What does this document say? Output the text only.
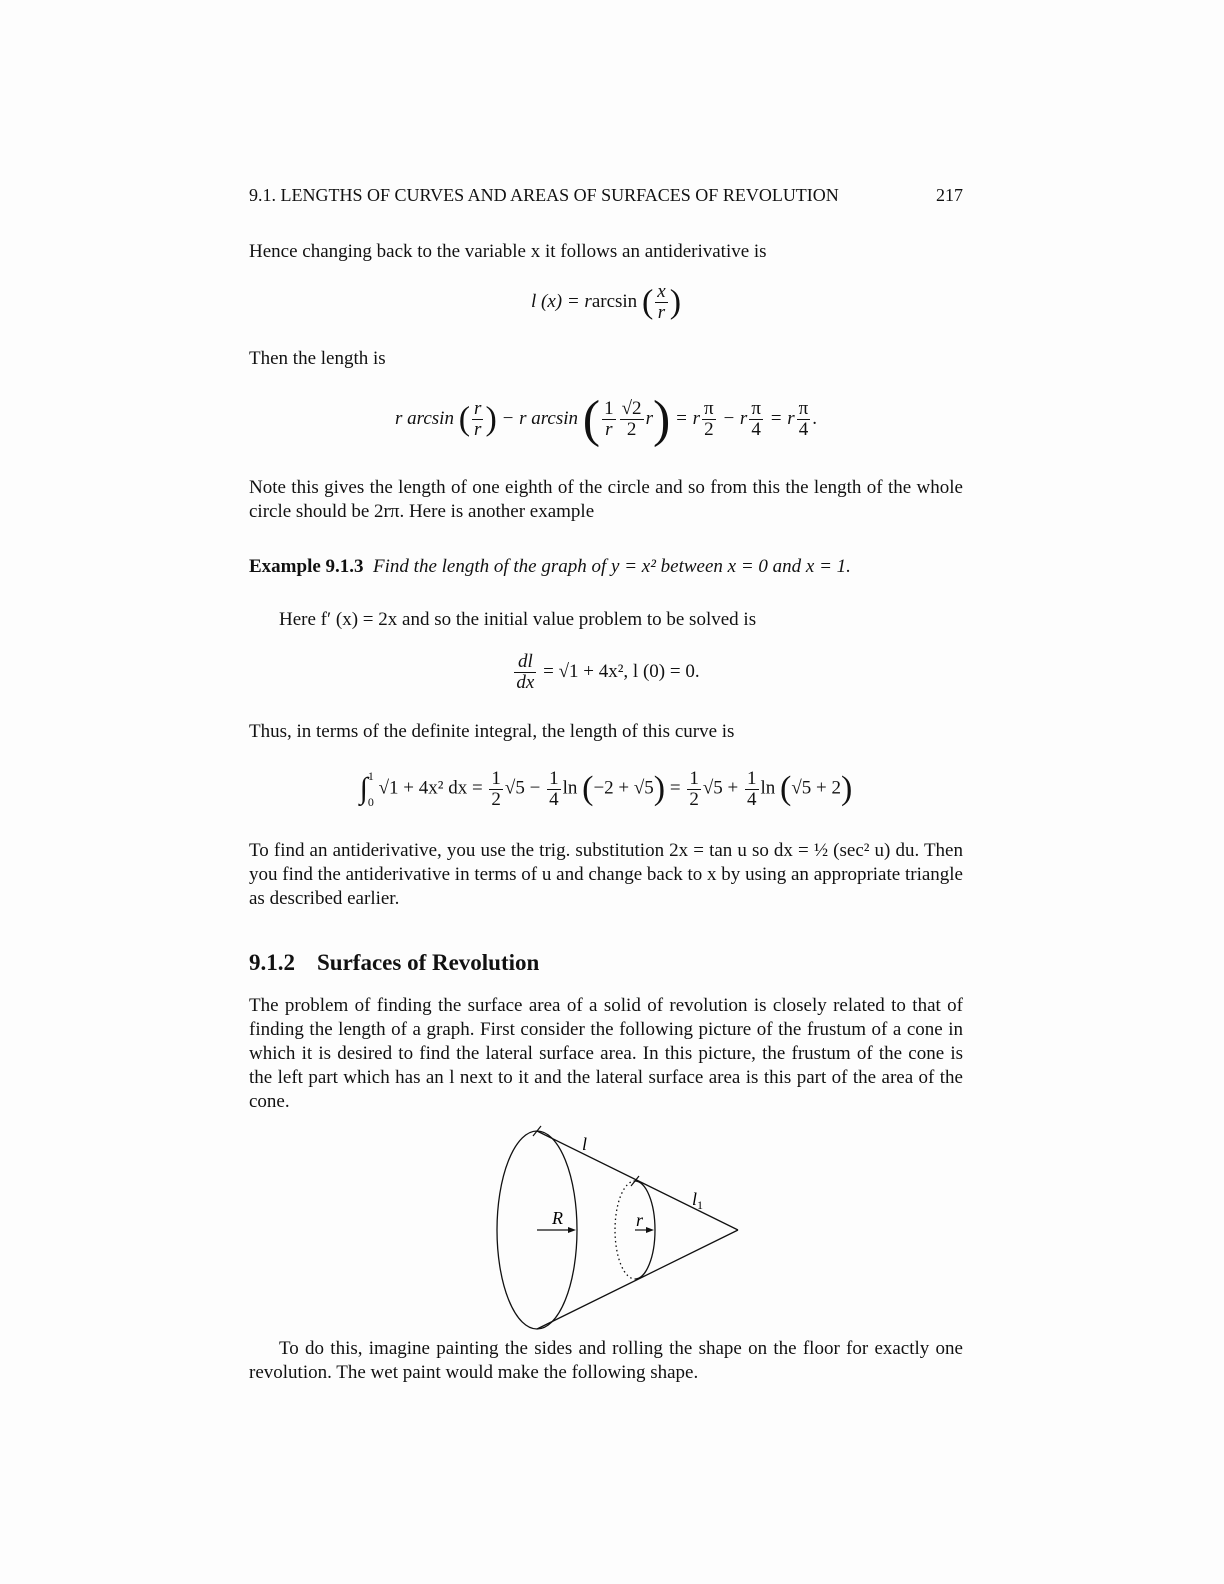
9.1. LENGTHS OF CURVES AND AREAS OF SURFACES OF REVOLUTION	217
Hence changing back to the variable x it follows an antiderivative is
l (x) = rarcsin ( $\frac{x}{r}$ )
Then the length is
r arcsin ( $\frac{r}{r}$ ) − r arcsin ( $\frac{1}{r} \frac{√2}{2} r) = r \frac{\pi}{2} - r \frac{\pi}{4} = r \frac{\pi}{4}$ .
Note this gives the length of one eighth of the circle and so from this the length of the whole circle should be 2rπ. Here is another example
Example 9.1.3 Find the length of the graph of y = x² between x = 0 and x = 1.
Here f′ (x) = 2x and so the initial value problem to be solved is
$\frac{dl}{dx} = √1 + 4x^2$, l (0) = 0.
Thus, in terms of the definite integral, the length of this curve is
∫ 1
0
√1 + 4x² dx = $\frac{1}{2} √5 - \frac{1}{4}$ $\ln (-2 + √5) = \frac{1}{2} √5 + \frac{1}{4}$ ln (√5 + 2)
To find an antiderivative, you use the trig. substitution 2x = tan u so dx = ½ (sec² u) du. Then you find the antiderivative in terms of u and change back to x by using an appropriate triangle as described earlier.
9.1.2 Surfaces of Revolution
The problem of finding the surface area of a solid of revolution is closely related to that of finding the length of a graph. First consider the following picture of the frustum of a cone in which it is desired to find the lateral surface area. In this picture, the frustum of the cone is the left part which has an l next to it and the lateral surface area is this part of the area of the cone.
l
$l_1$
R	r
To do this, imagine painting the sides and rolling the shape on the floor for exactly one revolution. The wet paint would make the following shape.
